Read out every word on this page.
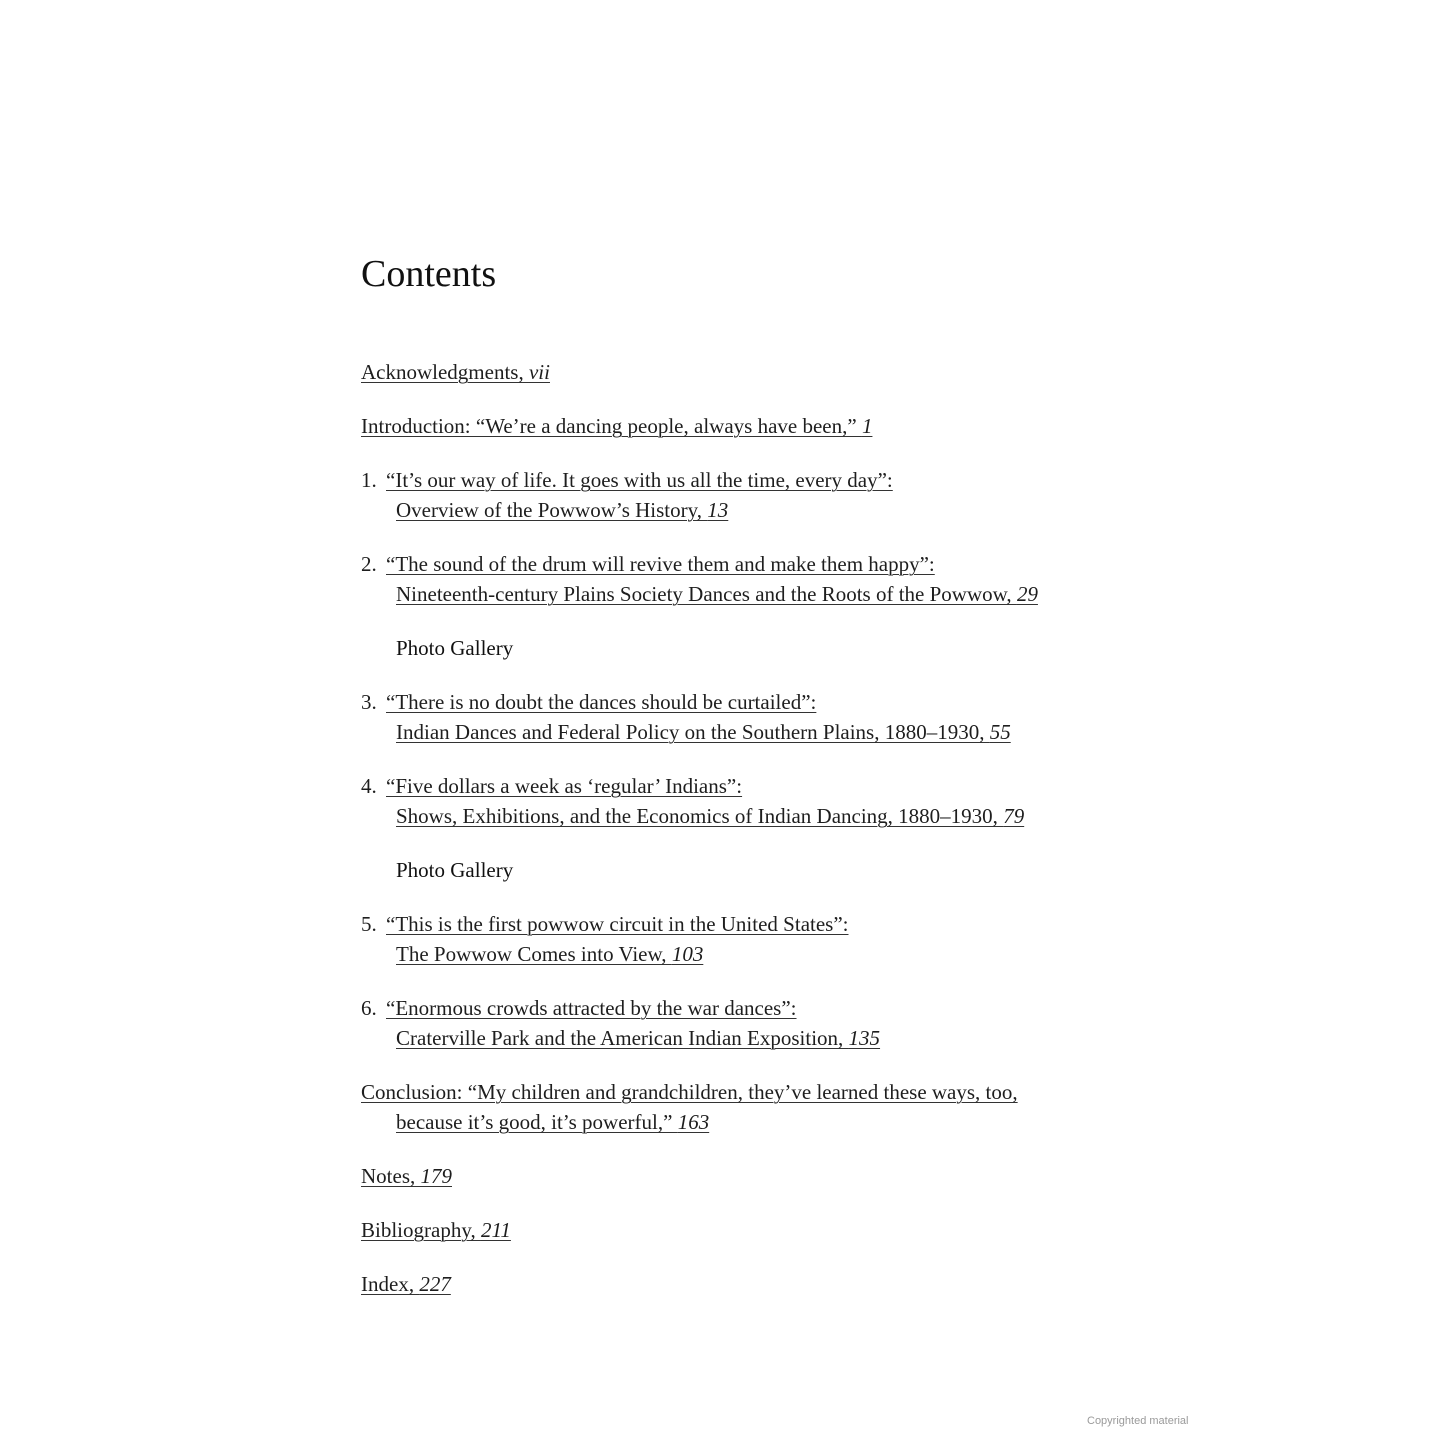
Contents
Acknowledgments, vii
Introduction: “We’re a dancing people, always have been,” 1
1. “It’s our way of life. It goes with us all the time, every day”:
Overview of the Powwow’s History, 13
2. “The sound of the drum will revive them and make them happy”:
Nineteenth-century Plains Society Dances and the Roots of the Powwow, 29
Photo Gallery
3. “There is no doubt the dances should be curtailed”:
Indian Dances and Federal Policy on the Southern Plains, 1880–1930, 55
4. “Five dollars a week as ‘regular’ Indians”:
Shows, Exhibitions, and the Economics of Indian Dancing, 1880–1930, 79
Photo Gallery
5. “This is the first powwow circuit in the United States”:
The Powwow Comes into View, 103
6. “Enormous crowds attracted by the war dances”:
Craterville Park and the American Indian Exposition, 135
Conclusion: “My children and grandchildren, they’ve learned these ways, too,
because it’s good, it’s powerful,” 163
Notes, 179
Bibliography, 211
Index, 227
Copyrighted material
